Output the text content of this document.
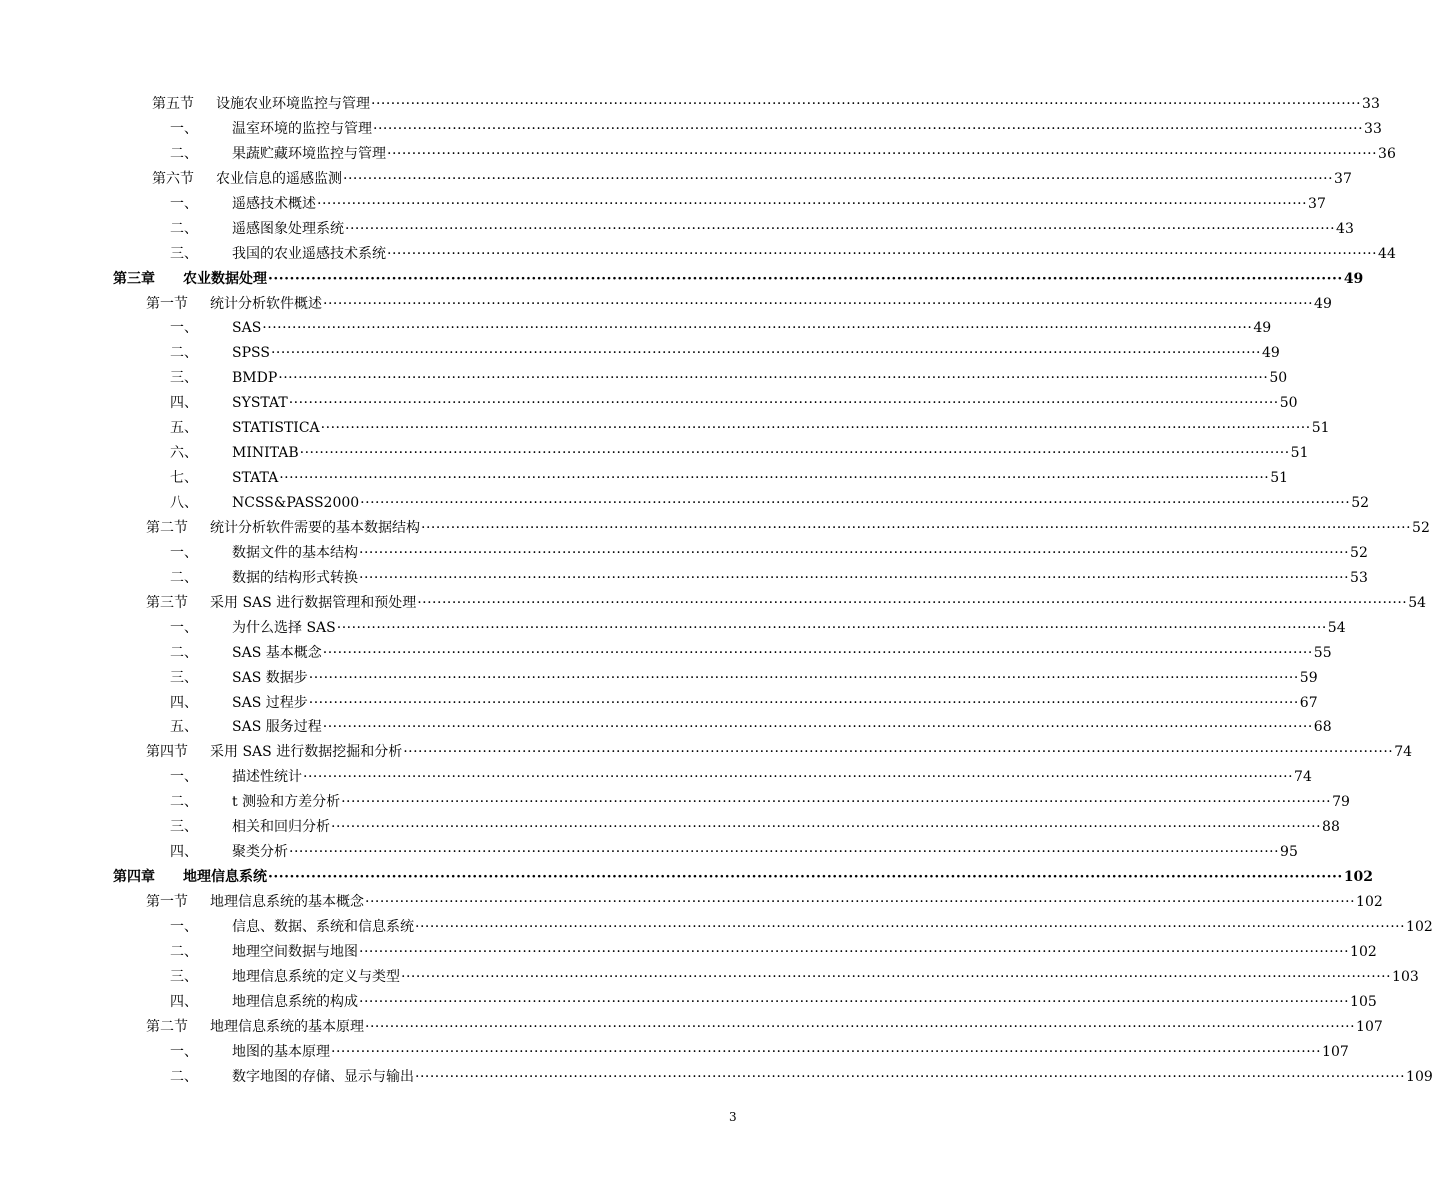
第五节	设施农业环境监控与管理 ········································································································································································································ 33
一、	温室环境的监控与管理 ········································································································································································································ 33
二、	果蔬贮藏环境监控与管理 ········································································································································································································ 36
第六节	农业信息的遥感监测 ········································································································································································································ 37
一、	遥感技术概述 ········································································································································································································ 37
二、	遥感图象处理系统 ········································································································································································································ 43
三、	我国的农业遥感技术系统 ········································································································································································································ 44
第三章	农业数据处理 ········································································································································································································ 49
第一节	统计分析软件概述 ········································································································································································································ 49
一、	SAS ········································································································································································································ 49
二、	SPSS ········································································································································································································ 49
三、	BMDP ········································································································································································································ 50
四、	SYSTAT ········································································································································································································ 50
五、	STATISTICA ········································································································································································································ 51
六、	MINITAB ········································································································································································································ 51
七、	STATA ········································································································································································································ 51
八、	NCSS&PASS2000 ········································································································································································································ 52
第二节	统计分析软件需要的基本数据结构 ········································································································································································································ 52
一、	数据文件的基本结构 ········································································································································································································ 52
二、	数据的结构形式转换 ········································································································································································································ 53
第三节	采用 SAS 进行数据管理和预处理 ········································································································································································································ 54
一、	为什么选择 SAS ········································································································································································································ 54
二、	SAS 基本概念 ········································································································································································································ 55
三、	SAS 数据步 ········································································································································································································ 59
四、	SAS 过程步 ········································································································································································································ 67
五、	SAS 服务过程 ········································································································································································································ 68
第四节	采用 SAS 进行数据挖掘和分析 ········································································································································································································ 74
一、	描述性统计 ········································································································································································································ 74
二、	t 测验和方差分析 ········································································································································································································ 79
三、	相关和回归分析 ········································································································································································································ 88
四、	聚类分析 ········································································································································································································ 95
第四章	地理信息系统 ········································································································································································································ 102
第一节	地理信息系统的基本概念 ········································································································································································································ 102
一、	信息、数据、系统和信息系统 ········································································································································································································ 102
二、	地理空间数据与地图 ········································································································································································································ 102
三、	地理信息系统的定义与类型 ········································································································································································································ 103
四、	地理信息系统的构成 ········································································································································································································ 105
第二节	地理信息系统的基本原理 ········································································································································································································ 107
一、	地图的基本原理 ········································································································································································································ 107
二、	数字地图的存储、显示与输出 ········································································································································································································ 109
3
